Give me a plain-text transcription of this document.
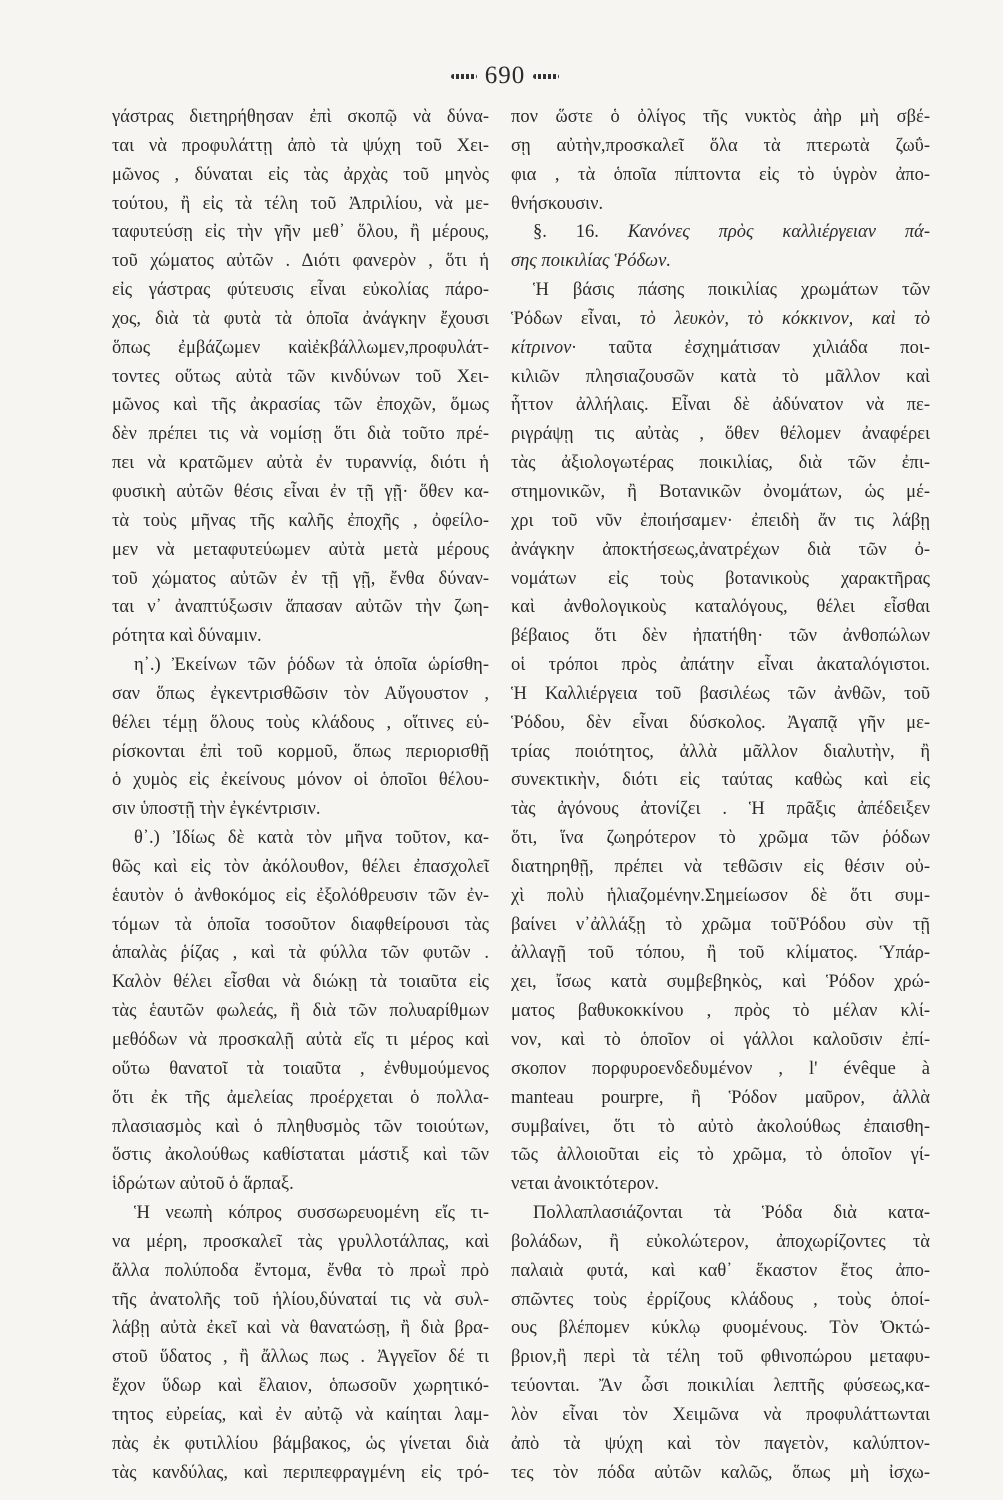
690
γάστρας διετηρήθησαν ἐπὶ σκοπῷ νὰ δύνα-
ται νὰ προφυλάττῃ ἀπὸ τὰ ψύχη τοῦ Χει-
μῶνος , δύναται εἰς τὰς ἀρχὰς τοῦ μηνὸς
τούτου, ἢ εἰς τὰ τέλη τοῦ Ἀπριλίου, νὰ με-
ταφυτεύσῃ εἰς τὴν γῆν μεθ᾽ ὅλου, ἢ μέρους,
τοῦ χώματος αὐτῶν . Διότι φανερὸν , ὅτι ἡ
εἰς γάστρας φύτευσις εἶναι εὐκολίας πάρο-
χος, διὰ τὰ φυτὰ τὰ ὁποῖα ἀνάγκην ἔχουσι
ὅπως ἐμβάζωμεν καὶἐκβάλλωμεν,προφυλάτ-
τοντες οὕτως αὐτὰ τῶν κινδύνων τοῦ Χει-
μῶνος καὶ τῆς ἀκρασίας τῶν ἐποχῶν, ὅμως
δὲν πρέπει τις νὰ νομίσῃ ὅτι διὰ τοῦτο πρέ-
πει νὰ κρατῶμεν αὐτὰ ἐν τυραννίᾳ, διότι ἡ
φυσικὴ αὐτῶν θέσις εἶναι ἐν τῇ γῇ· ὅθεν κα-
τὰ τοὺς μῆνας τῆς καλῆς ἐποχῆς , ὀφείλο-
μεν νὰ μεταφυτεύωμεν αὐτὰ μετὰ μέρους
τοῦ χώματος αὐτῶν ἐν τῇ γῇ, ἔνθα δύναν-
ται ν᾽ ἀναπτύξωσιν ἅπασαν αὐτῶν τὴν ζωη-
ρότητα καὶ δύναμιν.
η᾽.) Ἐκείνων τῶν ῥόδων τὰ ὁποῖα ὡρίσθη-
σαν ὅπως ἐγκεντρισθῶσιν τὸν Αὔγουστον ,
θέλει τέμῃ ὅλους τοὺς κλάδους , οἵτινες εὑ-
ρίσκονται ἐπὶ τοῦ κορμοῦ, ὅπως περιορισθῇ
ὁ χυμὸς εἰς ἐκείνους μόνον οἱ ὁποῖοι θέλου-
σιν ὑποστῇ τὴν ἐγκέντρισιν.
θ᾽.) Ἰδίως δὲ κατὰ τὸν μῆνα τοῦτον, κα-
θῶς καὶ εἰς τὸν ἀκόλουθον, θέλει ἐπασχολεῖ
ἑαυτὸν ὁ ἀνθοκόμος εἰς ἐξολόθρευσιν τῶν ἐν-
τόμων τὰ ὁποῖα τοσοῦτον διαφθείρουσι τὰς
ἁπαλὰς ῥίζας , καὶ τὰ φύλλα τῶν φυτῶν .
Καλὸν θέλει εἶσθαι νὰ διώκῃ τὰ τοιαῦτα εἰς
τὰς ἑαυτῶν φωλεάς, ἢ διὰ τῶν πολυαρίθμων
μεθόδων νὰ προσκαλῇ αὐτὰ εἴς τι μέρος καὶ
οὕτω θανατοῖ τὰ τοιαῦτα , ἐνθυμούμενος
ὅτι ἐκ τῆς ἀμελείας προέρχεται ὁ πολλα-
πλασιασμὸς καὶ ὁ πληθυσμὸς τῶν τοιούτων,
ὅστις ἀκολούθως καθίσταται μάστιξ καὶ τῶν
ἱδρώτων αὐτοῦ ὁ ἅρπαξ.
Ἡ νεωπὴ κόπρος συσσωρευομένη εἴς τι-
να μέρη, προσκαλεῖ τὰς γρυλλοτάλπας, καὶ
ἄλλα πολύποδα ἔντομα, ἔνθα τὸ πρωῒ πρὸ
τῆς ἀνατολῆς τοῦ ἡλίου,δύναταί τις νὰ συλ-
λάβῃ αὐτὰ ἐκεῖ καὶ νὰ θανατώσῃ, ἢ διὰ βρα-
στοῦ ὕδατος , ἢ ἄλλως πως . Ἀγγεῖον δέ τι
ἔχον ὕδωρ καὶ ἔλαιον, ὁπωσοῦν χωρητικό-
τητος εὐρείας, καὶ ἐν αὐτῷ νὰ καίηται λαμ-
πὰς ἐκ φυτιλλίου βάμβακος, ὡς γίνεται διὰ
τὰς κανδύλας, καὶ περιπεφραγμένη εἰς τρό-
πον ὥστε ὁ ὀλίγος τῆς νυκτὸς ἀὴρ μὴ σβέ-
σῃ αὐτὴν,προσκαλεῖ ὅλα τὰ πτερωτὰ ζωΰ-
φια , τὰ ὁποῖα πίπτοντα εἰς τὸ ὑγρὸν ἀπο-
θνήσκουσιν.
§. 16. Κανόνες πρὸς καλλιέργειαν πά-
σης ποικιλίας Ῥόδων.
Ἡ βάσις πάσης ποικιλίας χρωμάτων τῶν
Ῥόδων εἶναι, τὸ λευκὸν, τὸ κόκκινον, καὶ τὸ
κίτρινον· ταῦτα ἐσχημάτισαν χιλιάδα ποι-
κιλιῶν πλησιαζουσῶν κατὰ τὸ μᾶλλον καὶ
ἧττον ἀλλήλαις. Εἶναι δὲ ἀδύνατον νὰ πε-
ριγράψῃ τις αὐτὰς , ὅθεν θέλομεν ἀναφέρει
τὰς ἀξιολογωτέρας ποικιλίας, διὰ τῶν ἐπι-
στημονικῶν, ἢ Βοτανικῶν ὀνομάτων, ὡς μέ-
χρι τοῦ νῦν ἐποιήσαμεν· ἐπειδὴ ἄν τις λάβῃ
ἀνάγκην ἀποκτήσεως,ἀνατρέχων διὰ τῶν ὀ-
νομάτων εἰς τοὺς βοτανικοὺς χαρακτῆρας
καὶ ἀνθολογικοὺς καταλόγους, θέλει εἶσθαι
βέβαιος ὅτι δὲν ἠπατήθη· τῶν ἀνθοπώλων
οἱ τρόποι πρὸς ἀπάτην εἶναι ἀκαταλόγιστοι.
Ἡ Καλλιέργεια τοῦ βασιλέως τῶν ἀνθῶν, τοῦ
Ῥόδου, δὲν εἶναι δύσκολος. Ἀγαπᾷ γῆν με-
τρίας ποιότητος, ἀλλὰ μᾶλλον διαλυτὴν, ἢ
συνεκτικὴν, διότι εἰς ταύτας καθὼς καὶ εἰς
τὰς ἀγόνους ἀτονίζει . Ἡ πρᾶξις ἀπέδειξεν
ὅτι, ἵνα ζωηρότερον τὸ χρῶμα τῶν ῥόδων
διατηρηθῇ, πρέπει νὰ τεθῶσιν εἰς θέσιν οὐ-
χὶ πολὺ ἡλιαζομένην.Σημείωσον δὲ ὅτι συμ-
βαίνει ν᾽ἀλλάξῃ τὸ χρῶμα τοῦῬόδου σὺν τῇ
ἀλλαγῇ τοῦ τόπου, ἢ τοῦ κλίματος. Ὑπάρ-
χει, ἴσως κατὰ συμβεβηκὸς, καὶ Ῥόδον χρώ-
ματος βαθυκοκκίνου , πρὸς τὸ μέλαν κλί-
νον, καὶ τὸ ὁποῖον οἱ γάλλοι καλοῦσιν ἐπί-
σκοπον πορφυροενδεδυμένον , l' évêque à
manteau pourpre, ἢ Ῥόδον μαῦρον, ἀλλὰ
συμβαίνει, ὅτι τὸ αὐτὸ ἀκολούθως ἐπαισθη-
τῶς ἀλλοιοῦται εἰς τὸ χρῶμα, τὸ ὁποῖον γί-
νεται ἀνοικτότερον.
Πολλαπλασιάζονται τὰ Ῥόδα διὰ κατα-
βολάδων, ἢ εὐκολώτερον, ἀποχωρίζοντες τὰ
παλαιὰ φυτά, καὶ καθ᾽ ἕκαστον ἔτος ἀπο-
σπῶντες τοὺς ἐρρίζους κλάδους , τοὺς ὁποί-
ους βλέπομεν κύκλῳ φυομένους. Τὸν Ὀκτώ-
βριον,ἢ περὶ τὰ τέλη τοῦ φθινοπώρου μεταφυ-
τεύονται. Ἄν ὦσι ποικιλίαι λεπτῆς φύσεως,κα-
λὸν εἶναι τὸν Χειμῶνα νὰ προφυλάττωνται
ἀπὸ τὰ ψύχη καὶ τὸν παγετὸν, καλύπτον-
τες τὸν πόδα αὐτῶν καλῶς, ὅπως μὴ ἰσχω-
